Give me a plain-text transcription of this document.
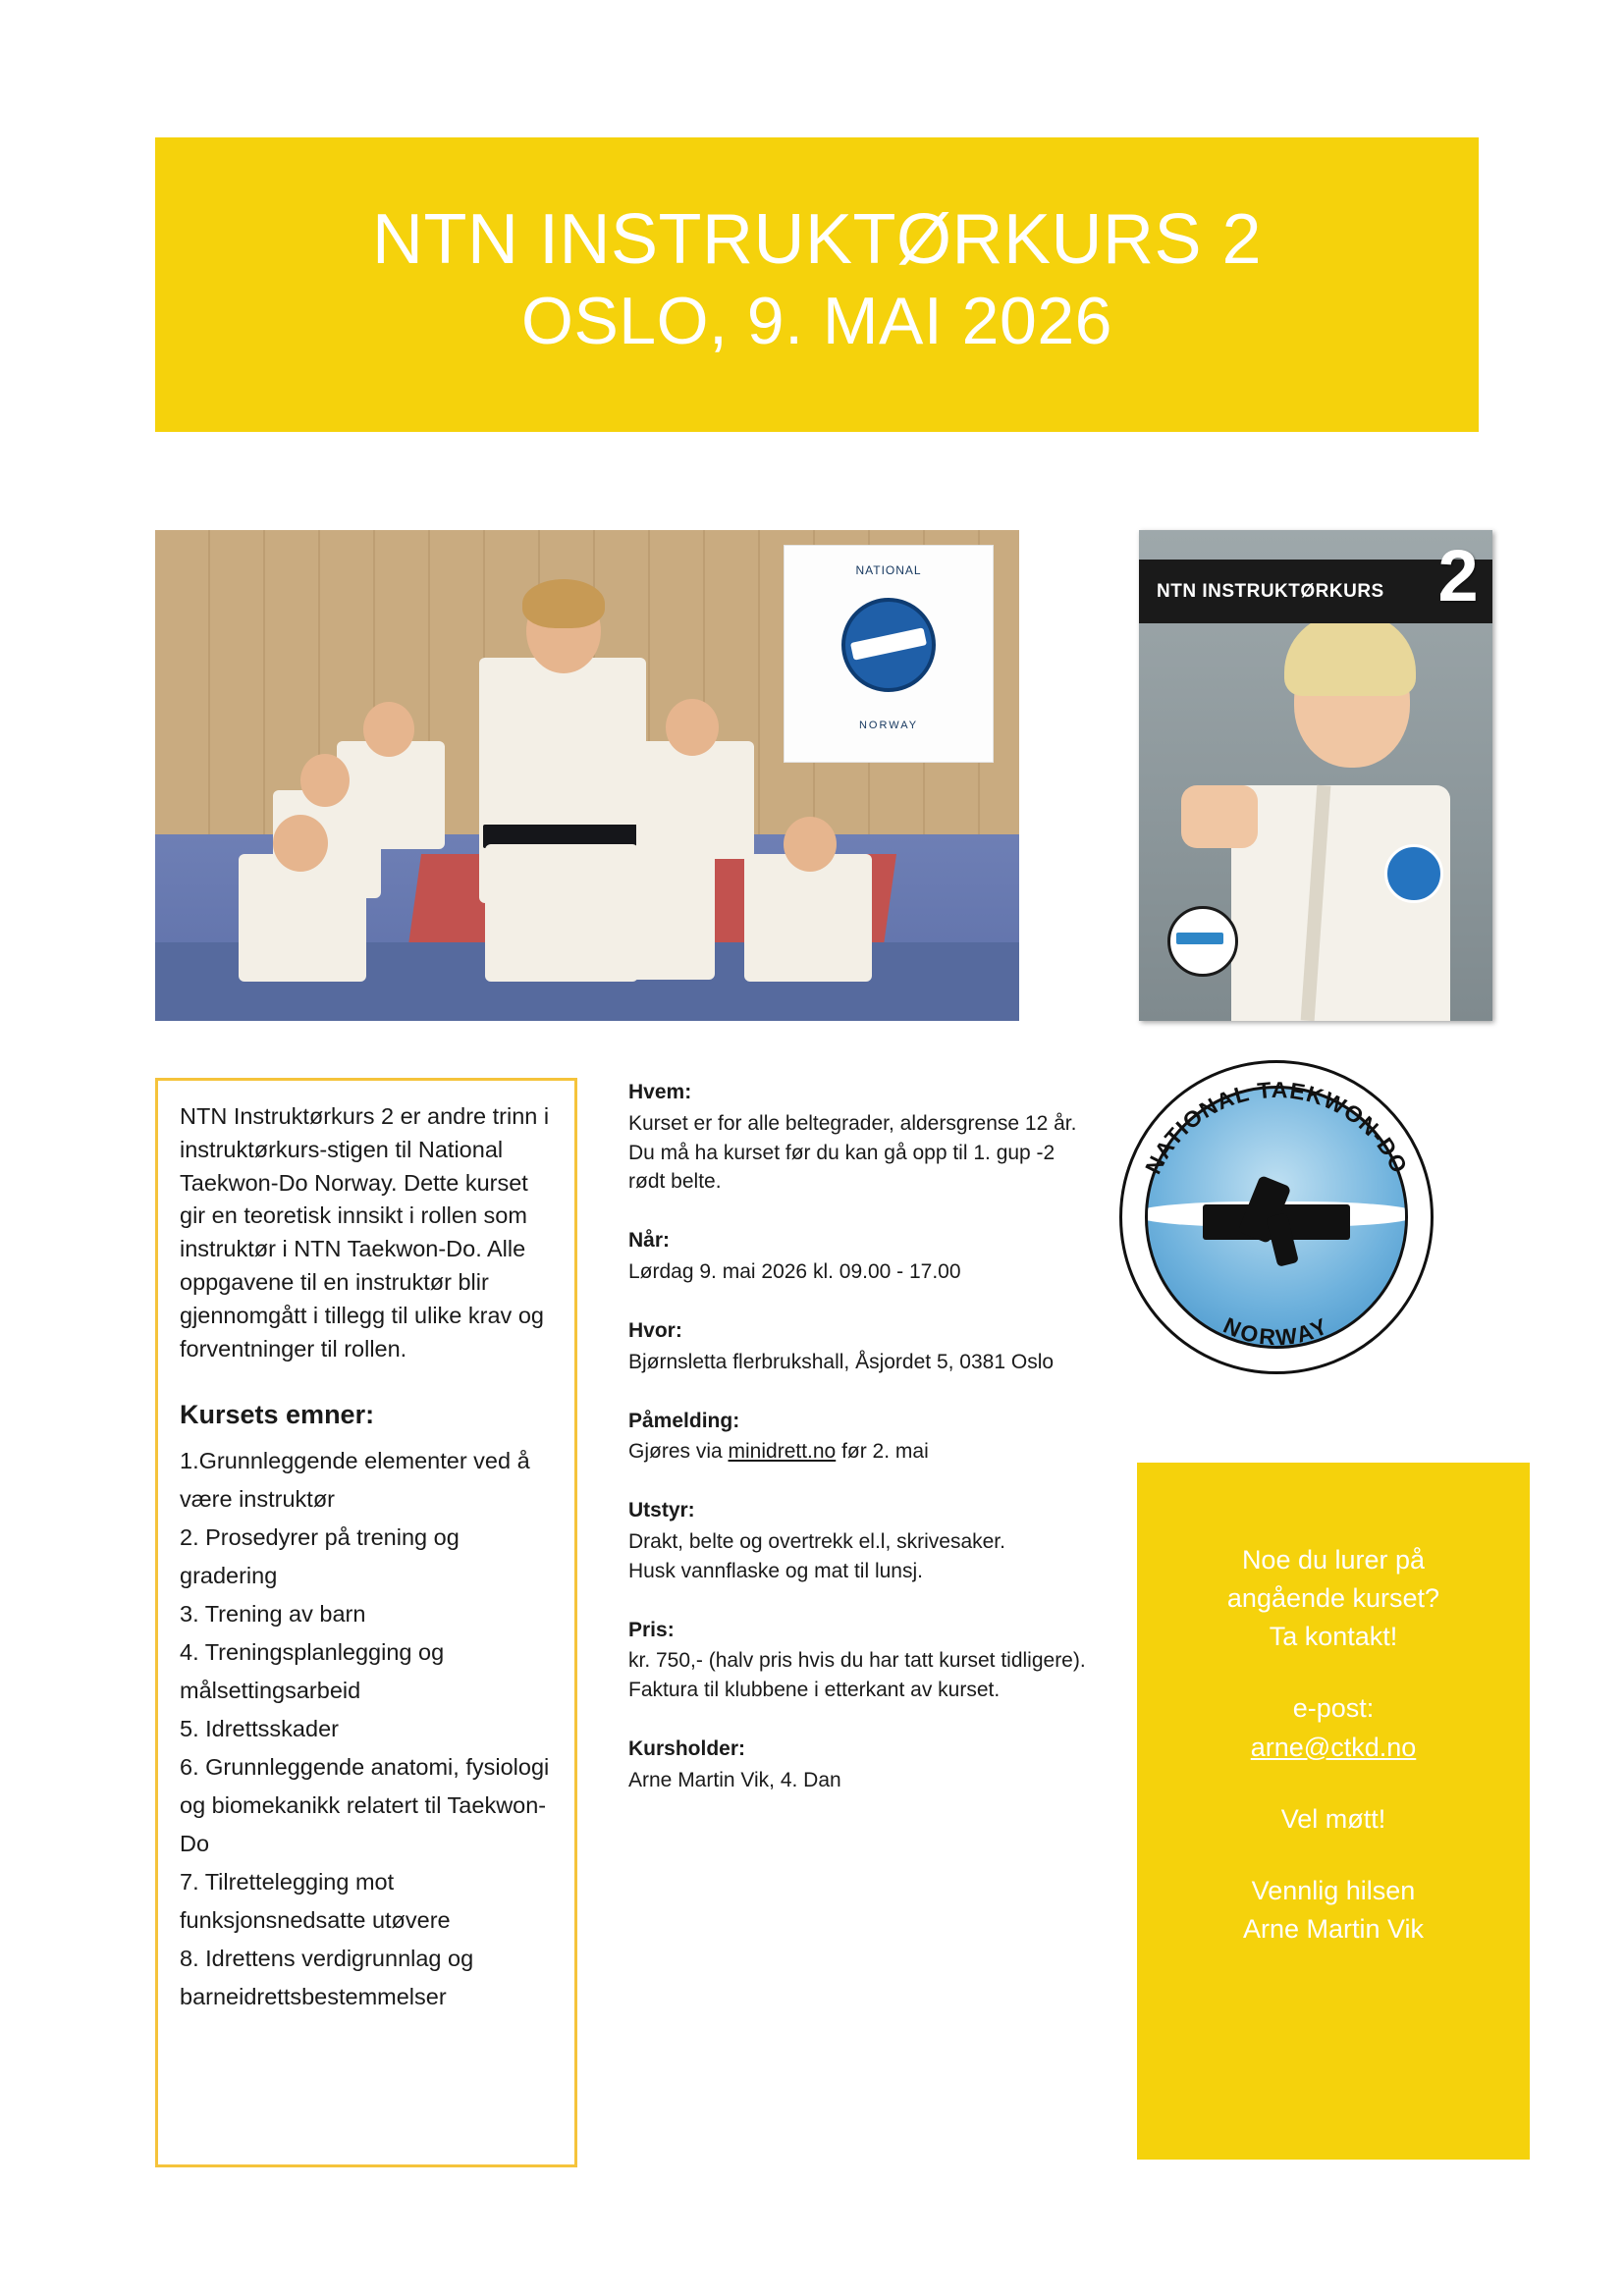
NTN INSTRUKTØRKURS 2
OSLO, 9. MAI 2026
NATIONAL
NORWAY
NTN INSTRUKTØRKURS 2
NTN Instruktørkurs 2 er andre trinn i instruktørkurs-stigen til National Taekwon-Do Norway. Dette kurset gir en teoretisk innsikt i rollen som instruktør i NTN Taekwon-Do. Alle oppgavene til en instruktør blir gjennomgått i tillegg til ulike krav og forventninger til rollen.
Kursets emner:
1.Grunnleggende elementer ved å være instruktør
2. Prosedyrer på trening og gradering
3. Trening av barn
4. Treningsplanlegging og målsettingsarbeid
5. Idrettsskader
6. Grunnleggende anatomi, fysiologi og biomekanikk relatert til Taekwon-Do
7. Tilrettelegging mot funksjonsnedsatte utøvere
8. Idrettens verdigrunnlag og barneidrettsbestemmelser
Hvem:
Kurset er for alle beltegrader, aldersgrense 12 år. Du må ha kurset før du kan gå opp til 1. gup -2 rødt belte.
Når:
Lørdag 9. mai 2026 kl. 09.00 - 17.00
Hvor:
Bjørnsletta flerbrukshall, Åsjordet 5, 0381 Oslo
Påmelding:
Gjøres via minidrett.no før 2. mai
Utstyr:
Drakt, belte og overtrekk el.l, skrivesaker.
Husk vannflaske og mat til lunsj.
Pris:
kr. 750,- (halv pris hvis du har tatt kurset tidligere). Faktura til klubbene i etterkant av kurset.
Kursholder:
Arne Martin Vik, 4. Dan
NATIONAL TAEKWON-DO
NORWAY
Noe du lurer på
angående kurset?
Ta kontakt!
e-post:
arne@ctkd.no
Vel møtt!
Vennlig hilsen
Arne Martin Vik
